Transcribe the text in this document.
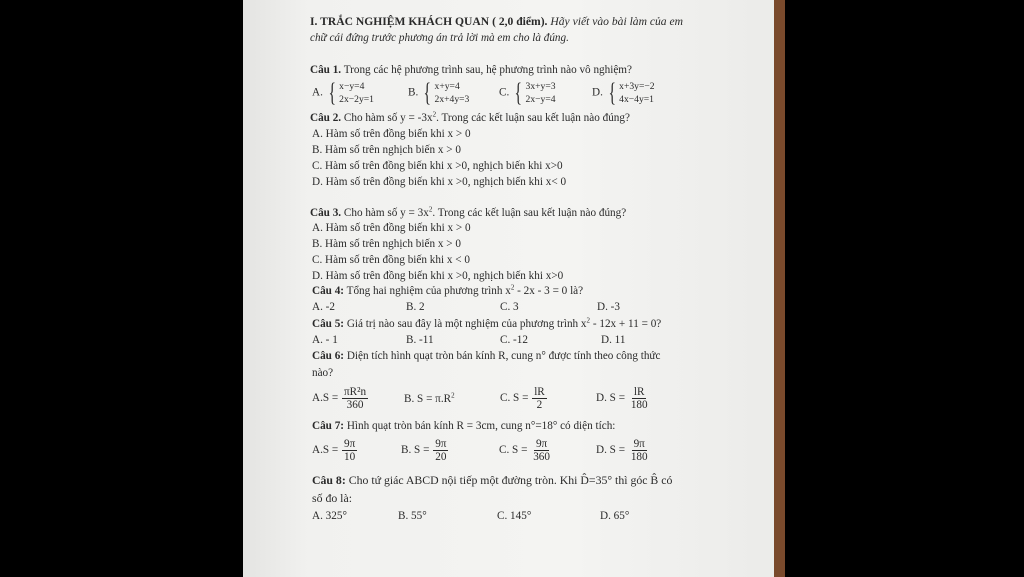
I. TRẮC NGHIỆM KHÁCH QUAN ( 2,0 điểm). Hãy viết vào bài làm của em
chữ cái đứng trước phương án trả lời mà em cho là đúng.
Câu 1. Trong các hệ phương trình sau, hệ phương trình nào vô nghiệm?
A. { x−y=4
2x−2y=1
B. { x+y=4
2x+4y=3
C. { 3x+y=3
2x−y=4
D. { x+3y=−2
4x−4y=1
Câu 2. Cho hàm số $y = -3x^2$. Trong các kết luận sau kết luận nào đúng?
A. Hàm số trên đồng biến khi x > 0
B. Hàm số trên nghịch biến x > 0
C. Hàm số trên đồng biến khi x >0, nghịch biến khi x>0
D. Hàm số trên đồng biến khi x >0, nghịch biến khi x< 0
Câu 3. Cho hàm số $y = 3x^2$. Trong các kết luận sau kết luận nào đúng?
A. Hàm số trên đồng biến khi x > 0
B. Hàm số trên nghịch biến x > 0
C. Hàm số trên đồng biến khi x < 0
D. Hàm số trên đồng biến khi x >0, nghịch biến khi x>0
Câu 4: Tổng hai nghiệm của phương trình $x^2 - 2x - 3 = 0$ là?
A. -2	B. 2	C. 3	D. -3
Câu 5: Giá trị nào sau đây là một nghiệm của phương trình $x^2 - 12x + 11 = 0$?
A. - 1	B. -11	C. -12	D. 11
Câu 6: Diện tích hình quạt tròn bán kính R, cung n° được tính theo công thức
nào?
$A.S = \frac{\text{πR²n}}{360}$	B. $S = \pi.R^2$	C. $S = \frac{lR}{2}$	D. $S = \frac{lR}{180}$
Câu 7: Hình quạt tròn bán kính R = 3cm, cung n°=18° có diện tích:
$A.S = \frac{9\pi}{10}$	B. $S = \frac{9\pi}{20}$	C. $S = \frac{9\pi}{360}$	D. $S = \frac{9\pi}{180}$
Câu 8: Cho tứ giác ABCD nội tiếp một đường tròn. Khi D̂=35° thì góc B̂ có
số đo là:
A. 325°	B. 55°	C. 145°	D. 65°
